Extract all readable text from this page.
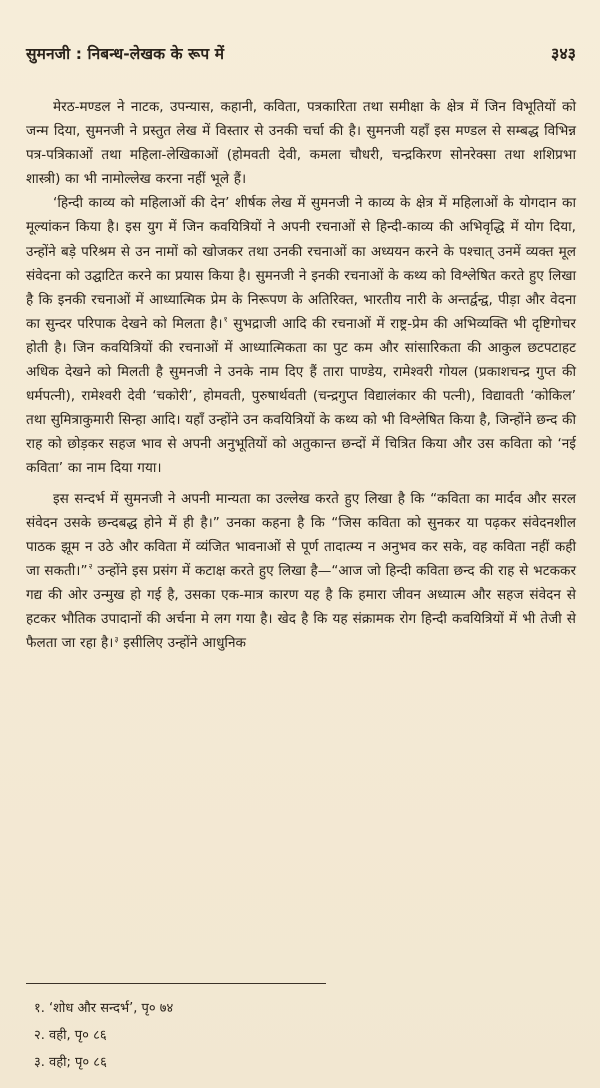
सुमनजी : निबन्ध-लेखक के रूप में	३४३

मेरठ-मण्डल ने नाटक, उपन्यास, कहानी, कविता, पत्रकारिता तथा समीक्षा के क्षेत्र में जिन विभूतियों को जन्म दिया, सुमनजी ने प्रस्तुत लेख में विस्तार से उनकी चर्चा की है। सुमनजी यहाँ इस मण्डल से सम्बद्ध विभिन्न पत्र-पत्रिकाओं तथा महिला-लेखिकाओं (होमवती देवी, कमला चौधरी, चन्द्रकिरण सोनरेक्सा तथा शशिप्रभा शास्त्री) का भी नामोल्लेख करना नहीं भूले हैं।

‘हिन्दी काव्य को महिलाओं की देन’ शीर्षक लेख में सुमनजी ने काव्य के क्षेत्र में महिलाओं के योगदान का मूल्यांकन किया है। इस युग में जिन कवयित्रियों ने अपनी रचनाओं से हिन्दी-काव्य की अभिवृद्धि में योग दिया, उन्होंने बड़े परिश्रम से उन नामों को खोजकर तथा उनकी रचनाओं का अध्ययन करने के पश्चात् उनमें व्यक्त मूल संवेदना को उद्घाटित करने का प्रयास किया है। सुमनजी ने इनकी रचनाओं के कथ्य को विश्लेषित करते हुए लिखा है कि इनकी रचनाओं में आध्यात्मिक प्रेम के निरूपण के अतिरिक्त, भारतीय नारी के अन्तर्द्वन्द्व, पीड़ा और वेदना का सुन्दर परिपाक देखने को मिलता है।$^१$ सुभद्राजी आदि की रचनाओं में राष्ट्र-प्रेम की अभिव्यक्ति भी दृष्टिगोचर होती है। जिन कवयित्रियों की रचनाओं में आध्यात्मिकता का पुट कम और सांसारिकता की आकुल छटपटाहट अधिक देखने को मिलती है सुमनजी ने उनके नाम दिए हैं तारा पाण्डेय, रामेश्वरी गोयल (प्रकाशचन्द्र गुप्त की धर्मपत्नी), रामेश्वरी देवी ‘चकोरी’, होमवती, पुरुषार्थवती (चन्द्रगुप्त विद्यालंकार की पत्नी), विद्यावती ‘कोकिल’ तथा सुमित्राकुमारी सिन्हा आदि। यहाँ उन्होंने उन कवयित्रियों के कथ्य को भी विश्लेषित किया है, जिन्होंने छन्द की राह को छोड़कर सहज भाव से अपनी अनुभूतियों को अतुकान्त छन्दों में चित्रित किया और उस कविता को ‘नई कविता’ का नाम दिया गया।

इस सन्दर्भ में सुमनजी ने अपनी मान्यता का उल्लेख करते हुए लिखा है कि “कविता का मार्दव और सरल संवेदन उसके छन्दबद्ध होने में ही है।” उनका कहना है कि “जिस कविता को सुनकर या पढ़कर संवेदनशील पाठक झूम न उठे और कविता में व्यंजित भावनाओं से पूर्ण तादात्म्य न अनुभव कर सके, वह कविता नहीं कही जा सकती।”$^२$ उन्होंने इस प्रसंग में कटाक्ष करते हुए लिखा है—“आज जो हिन्दी कविता छन्द की राह से भटककर गद्य की ओर उन्मुख हो गई है, उसका एक-मात्र कारण यह है कि हमारा जीवन अध्यात्म और सहज संवेदन से हटकर भौतिक उपादानों की अर्चना मे लग गया है। खेद है कि यह संक्रामक रोग हिन्दी कवयित्रियों में भी तेजी से फैलता जा रहा है।$^३$ इसीलिए उन्होंने आधुनिक

१. ‘शोध और सन्दर्भ’, पृ० ७४
२. वही, पृ० ८६
३. वही; पृ० ८६
